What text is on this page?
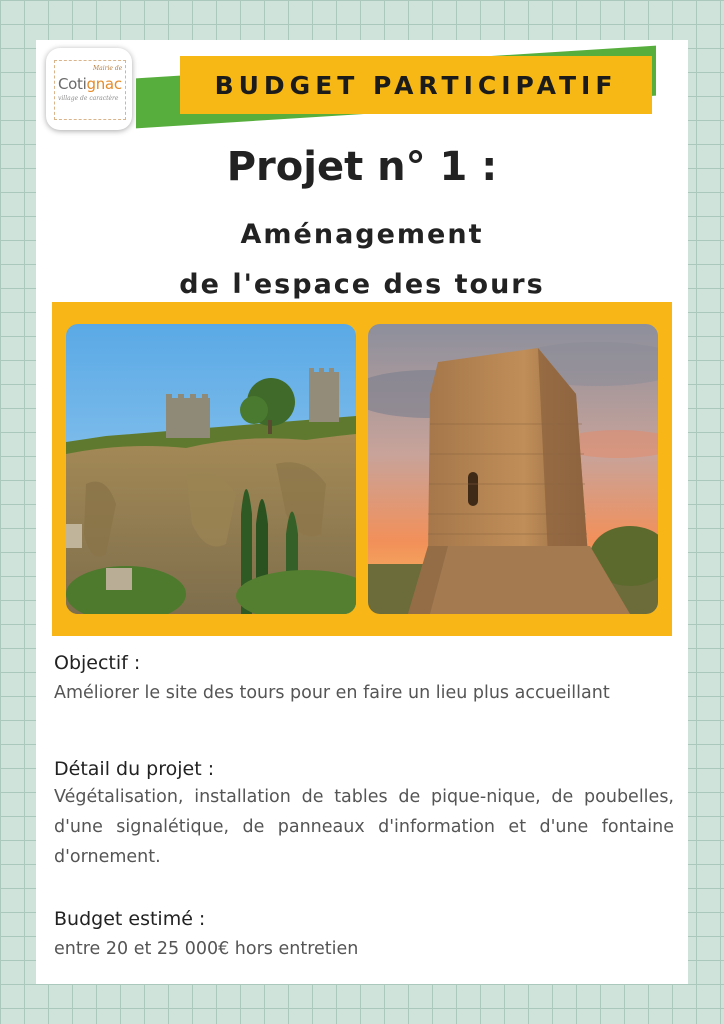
Mairie de
Cotignac
village de caractère	BUDGET PARTICIPATIF
Projet n° 1 :
Aménagement
de l'espace des tours
Objectif :
Améliorer le site des tours pour en faire un lieu plus accueillant
Détail du projet :
Végétalisation, installation de tables de pique-nique, de poubelles, d'une signalétique, de panneaux d'information et d'une fontaine d'ornement.
Budget estimé :
entre 20 et 25 000€ hors entretien
